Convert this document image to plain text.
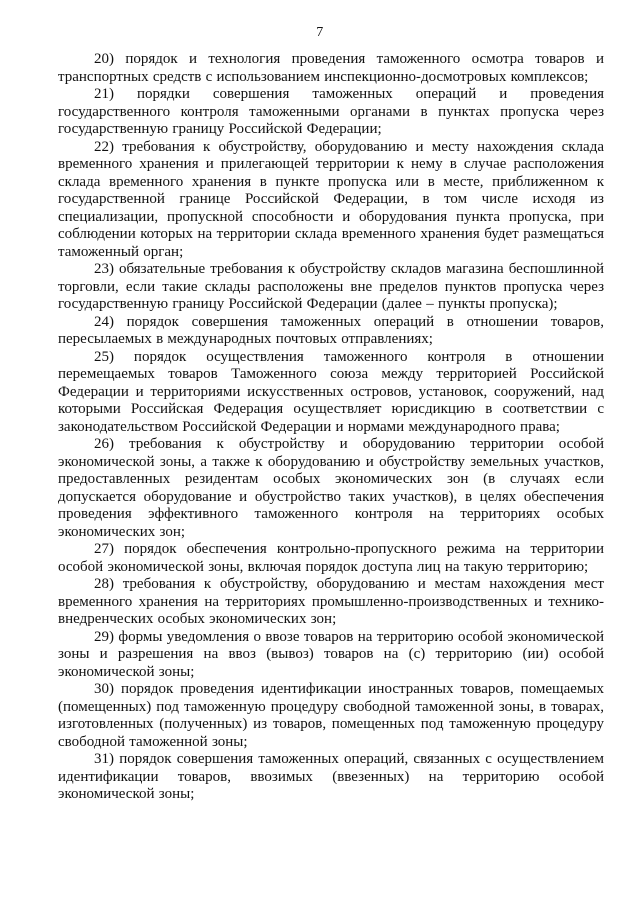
7

20) порядок и технология проведения таможенного осмотра товаров и транспортных средств с использованием инспекционно-досмотровых комплексов;

21) порядки совершения таможенных операций и проведения государственного контроля таможенными органами в пунктах пропуска через государственную границу Российской Федерации;

22) требования к обустройству, оборудованию и месту нахождения склада временного хранения и прилегающей территории к нему в случае расположения склада временного хранения в пункте пропуска или в месте, приближенном к государственной границе Российской Федерации, в том числе исходя из специализации, пропускной способности и оборудования пункта пропуска, при соблюдении которых на территории склада временного хранения будет размещаться таможенный орган;

23) обязательные требования к обустройству складов магазина беспошлинной торговли, если такие склады расположены вне пределов пунктов пропуска через государственную границу Российской Федерации (далее – пункты пропуска);

24) порядок совершения таможенных операций в отношении товаров, пересылаемых в международных почтовых отправлениях;

25) порядок осуществления таможенного контроля в отношении перемещаемых товаров Таможенного союза между территорией Российской Федерации и территориями искусственных островов, установок, сооружений, над которыми Российская Федерация осуществляет юрисдикцию в соответствии с законодательством Российской Федерации и нормами международного права;

26) требования к обустройству и оборудованию территории особой экономической зоны, а также к оборудованию и обустройству земельных участков, предоставленных резидентам особых экономических зон (в случаях если допускается оборудование и обустройство таких участков), в целях обеспечения проведения эффективного таможенного контроля на территориях особых экономических зон;

27) порядок обеспечения контрольно-пропускного режима на территории особой экономической зоны, включая порядок доступа лиц на такую территорию;

28) требования к обустройству, оборудованию и местам нахождения мест временного хранения на территориях промышленно-производственных и технико-внедренческих особых экономических зон;

29) формы уведомления о ввозе товаров на территорию особой экономической зоны и разрешения на ввоз (вывоз) товаров на (с) территорию (ии) особой экономической зоны;

30) порядок проведения идентификации иностранных товаров, помещаемых (помещенных) под таможенную процедуру свободной таможенной зоны, в товарах, изготовленных (полученных) из товаров, помещенных под таможенную процедуру свободной таможенной зоны;

31) порядок совершения таможенных операций, связанных с осуществлением идентификации товаров, ввозимых (ввезенных) на территорию особой экономической зоны;
